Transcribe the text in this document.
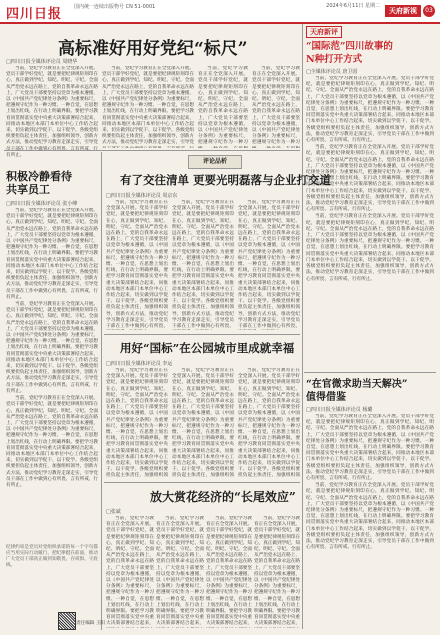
四川日报 国内统一连续出版物号 CN 51-0001	2024年6月11日 星期二
天府新视	03
高标准好用好党纪“标尺”
□四川日报全媒体评论员 周晓华

当前，党纪学习教育正在全党深入开展。党员干部学好党纪，就是要把纪律规矩刻印在心，真正做到学纪、知纪、明纪、守纪。全面从严治党永远在路上，党的自我革命永远在路上，广大党员干部要坚持以党章为根本遵循，以《中国共产党纪律处分条例》为重要标尺，把遵规守纪作为一种习惯、一种自觉，在思想上划出红线，在行动上明确界限。要把学习教育同贯彻落实党中央重大决策部署结合起来，同推动本地区本部门本单位中心工作结合起来，切实做到以学促干、以干促学。各级党组织要担负起主体责任，加强组织领导，创新方式方法，推动党纪学习教育走深走实，引导党员干部在工作中做到心有所畏、言有所戒、行有所止。

当前，党纪学习教育正在全党深入开展。党员干部学好党纪，就是要把纪律规矩刻印在心，真正做到学纪、知纪、明纪、守纪。全面从严治党永远在路上，党的自我革命永远在路上，广大党员干部要坚持以党章为根本遵循，以《中国共产党纪律处分条例》为重要标尺，把遵规守纪作为一种习惯、一种自觉，在思想上划出红线，在行动上明确界限。要把学习教育同贯彻落实党中央重大决策部署结合起来，同推动本地区本部门本单位中心工作结合起来，切实做到以学促干、以干促学。各级党组织要担负起主体责任，加强组织领导，创新方式方法，推动党纪学习教育走深走实，引导党

当前，党纪学习教育正在全党深入开展。党员干部学好党纪，就是要把纪律规矩刻印在心，真正做到学纪、知纪、明纪、守纪。全面从严治党永远在路上，党的自我革命永远在路上，广大党员干部要坚持以党章为根本遵循，以《中国共产党纪律处分条例》为重要标尺，把遵规守纪作为一种习

当前，党纪学习教育正在全党深入开展。党员干部学好党纪，就是要把纪律规矩刻印在心，真正做到学纪、知纪、明纪、守纪。全面从严治党永远在路上，党的自我革命永远在路上，广大党员干部要坚持以党章为根本遵循，以《中国共产党纪律处分条例》为重要标尺，把遵规守纪作为一种习

积极冷静看待
共享员工
□四川日报全媒体评论员 张小峰

当前，党纪学习教育正在全党深入开展。党员干部学好党纪，就是要把纪律规矩刻印在心，真正做到学纪、知纪、明纪、守纪。全面从严治党永远在路上，党的自我革命永远在路上，广大党员干部要坚持以党章为根本遵循，以《中国共产党纪律处分条例》为重要标尺，把遵规守纪作为一种习惯、一种自觉，在思想上划出红线，在行动上明确界限。要把学习教育同贯彻落实党中央重大决策部署结合起来，同推动本地区本部门本单位中心工作结合起来，切实做到以学促干、以干促学。各级党组织要担负起主体责任，加强组织领导，创新方式方法，推动党纪学习教育走深走实，引导党员干部在工作中做到心有所畏、言有所戒、行有所止。

当前，党纪学习教育正在全党深入开展。党员干部学好党纪，就是要把纪律规矩刻印在心，真正做到学纪、知纪、明纪、守纪。全面从严治党永远在路上，党的自我革命永远在路上，广大党员干部要坚持以党章为根本遵循，以《中国共产党纪律处分条例》为重要标尺，把遵规守纪作为一种习惯、一种自觉，在思想上划出红线，在行动上明确界限。要把学习教育同贯彻落实党中央重大决策部署结合起来，同推动本地区本部门本单位中心工作结合起来，切实做到以学促干、以干促学。各级党组织要担负起主体责任，加强组织领导，创新方式方法，推动党纪学习教育走深走实，引导党员干部在工作中做到心有所畏、言有所戒、行有所止。

当前，党纪学习教育正在全党深入开展。党员干部学好党纪，就是要把纪律规矩刻印在心，真正做到学纪、知纪、明纪、守纪。全面从严治党永远在路上，党的自我革命永远在路上，广大党员干部要坚持以党章为根本遵循，以《中国共产党纪律处分条例》为重要标尺，把遵规守纪作为一种习惯、一种自觉，在思想上划出红线，在行动上明确界限。要把学习教育同贯彻落实党中央重大决策部署结合起来，同推动本地区本部门本单位中心工作结合起来，切实做到以学促干、以干促学。各级党组织要担负起主体责任，加强组织领导，创新方式方法，推动党纪学习教育走深走实，引导党员干部在工作中做到心有所畏、言有所戒、行有所止。

评论品析
有了交往清单 更要光明磊落与企业打交道
□四川日报全媒体评论员 周京东

当前，党纪学习教育正在全党深入开展。党员干部学好党纪，就是要把纪律规矩刻印在心，真正做到学纪、知纪、明纪、守纪。全面从严治党永远在路上，党的自我革命永远在路上，广大党员干部要坚持以党章为根本遵循，以《中国共产党纪律处分条例》为重要标尺，把遵规守纪作为一种习惯、一种自觉，在思想上划出红线，在行动上明确界限。要把学习教育同贯彻落实党中央重大决策部署结合起来，同推动本地区本部门本单位中心工作结合起来，切实做到以学促干、以干促学。各级党组织要担负起主体责任，加强组织领导，创新方式方法，推动党纪学习教育走深走实，引导党员干部在工作中做到心有所畏、

当前，党纪学习教育正在全党深入开展。党员干部学好党纪，就是要把纪律规矩刻印在心，真正做到学纪、知纪、明纪、守纪。全面从严治党永远在路上，党的自我革命永远在路上，广大党员干部要坚持以党章为根本遵循，以《中国共产党纪律处分条例》为重要标尺，把遵规守纪作为一种习惯、一种自觉，在思想上划出红线，在行动上明确界限。要把学习教育同贯彻落实党中央重大决策部署结合起来，同推动本地区本部门本单位中心工作结合起来，切实做到以学促干、以干促学。各级党组织要担负起主体责任，加强组织领导，创新方式方法，推动党纪学习教育走深走实，引导党员干部在工作中做到心有所畏、

当前，党纪学习教育正在全党深入开展。党员干部学好党纪，就是要把纪律规矩刻印在心，真正做到学纪、知纪、明纪、守纪。全面从严治党永远在路上，党的自我革命永远在路上，广大党员干部要坚持以党章为根本遵循，以《中国共产党纪律处分条例》为重要标尺，把遵规守纪作为一种习惯、一种自觉，在思想上划出红线，在行动上明确界限。要把学习教育同贯彻落实党中央重大决策部署结合起来，同推动本地区本部门本单位中心工作结合起来，切实做到以学促干、以干促学。各级党组织要担负起主体责任，加强组织领导，创新方式方法，推动党纪学习教育走深走实，引导党员干部在工作中做到心有所畏、

用好“国标”在公园城市里成就幸福
□四川日报全媒体评论员 李运

当前，党纪学习教育正在全党深入开展。党员干部学好党纪，就是要把纪律规矩刻印在心，真正做到学纪、知纪、明纪、守纪。全面从严治党永远在路上，党的自我革命永远在路上，广大党员干部要坚持以党章为根本遵循，以《中国共产党纪律处分条例》为重要标尺，把遵规守纪作为一种习惯、一种自觉，在思想上划出红线，在行动上明确界限。要把学习教育同贯彻落实党中央重大决策部署结合起来，同推动本地区本部门本单位中心工作结合起来，切实做到以学促干、以干促学。各级党组织要担负起主体责任，加强组织领

当前，党纪学习教育正在全党深入开展。党员干部学好党纪，就是要把纪律规矩刻印在心，真正做到学纪、知纪、明纪、守纪。全面从严治党永远在路上，党的自我革命永远在路上，广大党员干部要坚持以党章为根本遵循，以《中国共产党纪律处分条例》为重要标尺，把遵规守纪作为一种习惯、一种自觉，在思想上划出红线，在行动上明确界限。要把学习教育同贯彻落实党中央重大决策部署结合起来，同推动本地区本部门本单位中心工作结合起来，切实做到以学促干、以干促学。各级党组织要担负起主体责任，加强组织领

当前，党纪学习教育正在全党深入开展。党员干部学好党纪，就是要把纪律规矩刻印在心，真正做到学纪、知纪、明纪、守纪。全面从严治党永远在路上，党的自我革命永远在路上，广大党员干部要坚持以党章为根本遵循，以《中国共产党纪律处分条例》为重要标尺，把遵规守纪作为一种习惯、一种自觉，在思想上划出红线，在行动上明确界限。要把学习教育同贯彻落实党中央重大决策部署结合起来，同推动本地区本部门本单位中心工作结合起来，切实做到以学促干、以干促学。各级党组织要担负起主体责任，加强组织领

放大赏花经济的“长尾效应”
□张斌

当前，党纪学习教育正在全党深入开展。党员干部学好党纪，就是要把纪律规矩刻印在心，真正做到学纪、知纪、明纪、守纪。全面从严治党永远在路上，党的自我革命永远在路上，广大党员干部要坚持以党章为根本遵循，以《中国共产党纪律处分条例》为重要标尺，把遵规守纪作为一种习惯、一种自觉，在思想上划出红线，在行动上明确界限。要把学习教育同贯彻落实党中央重大决策部署结合起来，

当前，党纪学习教育正在全党深入开展。党员干部学好党纪，就是要把纪律规矩刻印在心，真正做到学纪、知纪、明纪、守纪。全面从严治党永远在路上，党的自我革命永远在路上，广大党员干部要坚持以党章为根本遵循，以《中国共产党纪律处分条例》为重要标尺，把遵规守纪作为一种习惯、一种自觉，在思想上划出红线，在行动上明确界限。要把学习教育同贯彻落实党中央重大决策部署结合起来，

当前，党纪学习教育正在全党深入开展。党员干部学好党纪，就是要把纪律规矩刻印在心，真正做到学纪、知纪、明纪、守纪。全面从严治党永远在路上，党的自我革命永远在路上，广大党员干部要坚持以党章为根本遵循，以《中国共产党纪律处分条例》为重要标尺，把遵规守纪作为一种习惯、一种自觉，在思想上划出红线，在行动上明确界限。要把学习教育同贯彻落实党中央重大决策部署结合起来，

当前，党纪学习教育正在全党深入开展。党员干部学好党纪，就是要把纪律规矩刻印在心，真正做到学纪、知纪、明纪、守纪。全面从严治党永远在路上，党的自我革命永远在路上，广大党员干部要坚持以党章为根本遵循，以《中国共产党纪律处分条例》为重要标尺，把遵规守纪作为一种习惯、一种自觉，在思想上划出红线，在行动上明确界限。要把学习教育同贯彻落实党中央重大决策部署结合起来，

天府新评
“国际范”四川故事的
N种打开方式
□全媒体评论员 唐卫国

当前，党纪学习教育正在全党深入开展。党员干部学好党纪，就是要把纪律规矩刻印在心，真正做到学纪、知纪、明纪、守纪。全面从严治党永远在路上，党的自我革命永远在路上，广大党员干部要坚持以党章为根本遵循，以《中国共产党纪律处分条例》为重要标尺，把遵规守纪作为一种习惯、一种自觉，在思想上划出红线，在行动上明确界限。要把学习教育同贯彻落实党中央重大决策部署结合起来，同推动本地区本部门本单位中心工作结合起来，切实做到以学促干、以干促学。各级党组织要担负起主体责任，加强组织领导，创新方式方法，推动党纪学习教育走深走实，引导党员干部在工作中做到心有所畏、言有所戒、行有所止。

当前，党纪学习教育正在全党深入开展。党员干部学好党纪，就是要把纪律规矩刻印在心，真正做到学纪、知纪、明纪、守纪。全面从严治党永远在路上，党的自我革命永远在路上，广大党员干部要坚持以党章为根本遵循，以《中国共产党纪律处分条例》为重要标尺，把遵规守纪作为一种习惯、一种自觉，在思想上划出红线，在行动上明确界限。要把学习教育同贯彻落实党中央重大决策部署结合起来，同推动本地区本部门本单位中心工作结合起来，切实做到以学促干、以干促学。各级党组织要担负起主体责任，加强组织领导，创新方式方法，推动党纪学习教育走深走实，引导党员干部在工作中做到心有所畏、言有所戒、行有所止。

当前，党纪学习教育正在全党深入开展。党员干部学好党纪，就是要把纪律规矩刻印在心，真正做到学纪、知纪、明纪、守纪。全面从严治党永远在路上，党的自我革命永远在路上，广大党员干部要坚持以党章为根本遵循，以《中国共产党纪律处分条例》为重要标尺，把遵规守纪作为一种习惯、一种自觉，在思想上划出红线，在行动上明确界限。要把学习教育同贯彻落实党中央重大决策部署结合起来，同推动本地区本部门本单位中心工作结合起来，切实做到以学促干、以干促学。各级党组织要担负起主体责任，加强组织领导，创新方式方法，推动党纪学习教育走深走实，引导党员干部在工作中做到心有所畏、言有所戒、行有所止。

“在官微求助当天解决”
值得借鉴
□四川日报全媒体评论员 杨璐

当前，党纪学习教育正在全党深入开展。党员干部学好党纪，就是要把纪律规矩刻印在心，真正做到学纪、知纪、明纪、守纪。全面从严治党永远在路上，党的自我革命永远在路上，广大党员干部要坚持以党章为根本遵循，以《中国共产党纪律处分条例》为重要标尺，把遵规守纪作为一种习惯、一种自觉，在思想上划出红线，在行动上明确界限。要把学习教育同贯彻落实党中央重大决策部署结合起来，同推动本地区本部门本单位中心工作结合起来，切实做到以学促干、以干促学。各级党组织要担负起主体责任，加强组织领导，创新方式方法，推动党纪学习教育走深走实，引导党员干部在工作中做到心有所畏、言有所戒、行有所止。

当前，党纪学习教育正在全党深入开展。党员干部学好党纪，就是要把纪律规矩刻印在心，真正做到学纪、知纪、明纪、守纪。全面从严治党永远在路上，党的自我革命永远在路上，广大党员干部要坚持以党章为根本遵循，以《中国共产党纪律处分条例》为重要标尺，把遵规守纪作为一种习惯、一种自觉，在思想上划出红线，在行动上明确界限。要把学习教育同贯彻落实党中央重大决策部署结合起来，同推动本地区本部门本单位中心工作结合起来，切实做到以学促干、以干促学。各级党组织要担负起主体责任，加强组织领导，创新方式方法，推动党纪学习教育走深走实，引导党员干部在工作中做到心有所畏、言有所戒、行有所止。

纪律约束是党员对党组织承诺的每一个字句都应当用实际行动履行，把纪律挺在前面，推动广大党员干部真正做到知敬畏、存戒惧、守底线。
责任编辑 王阳
